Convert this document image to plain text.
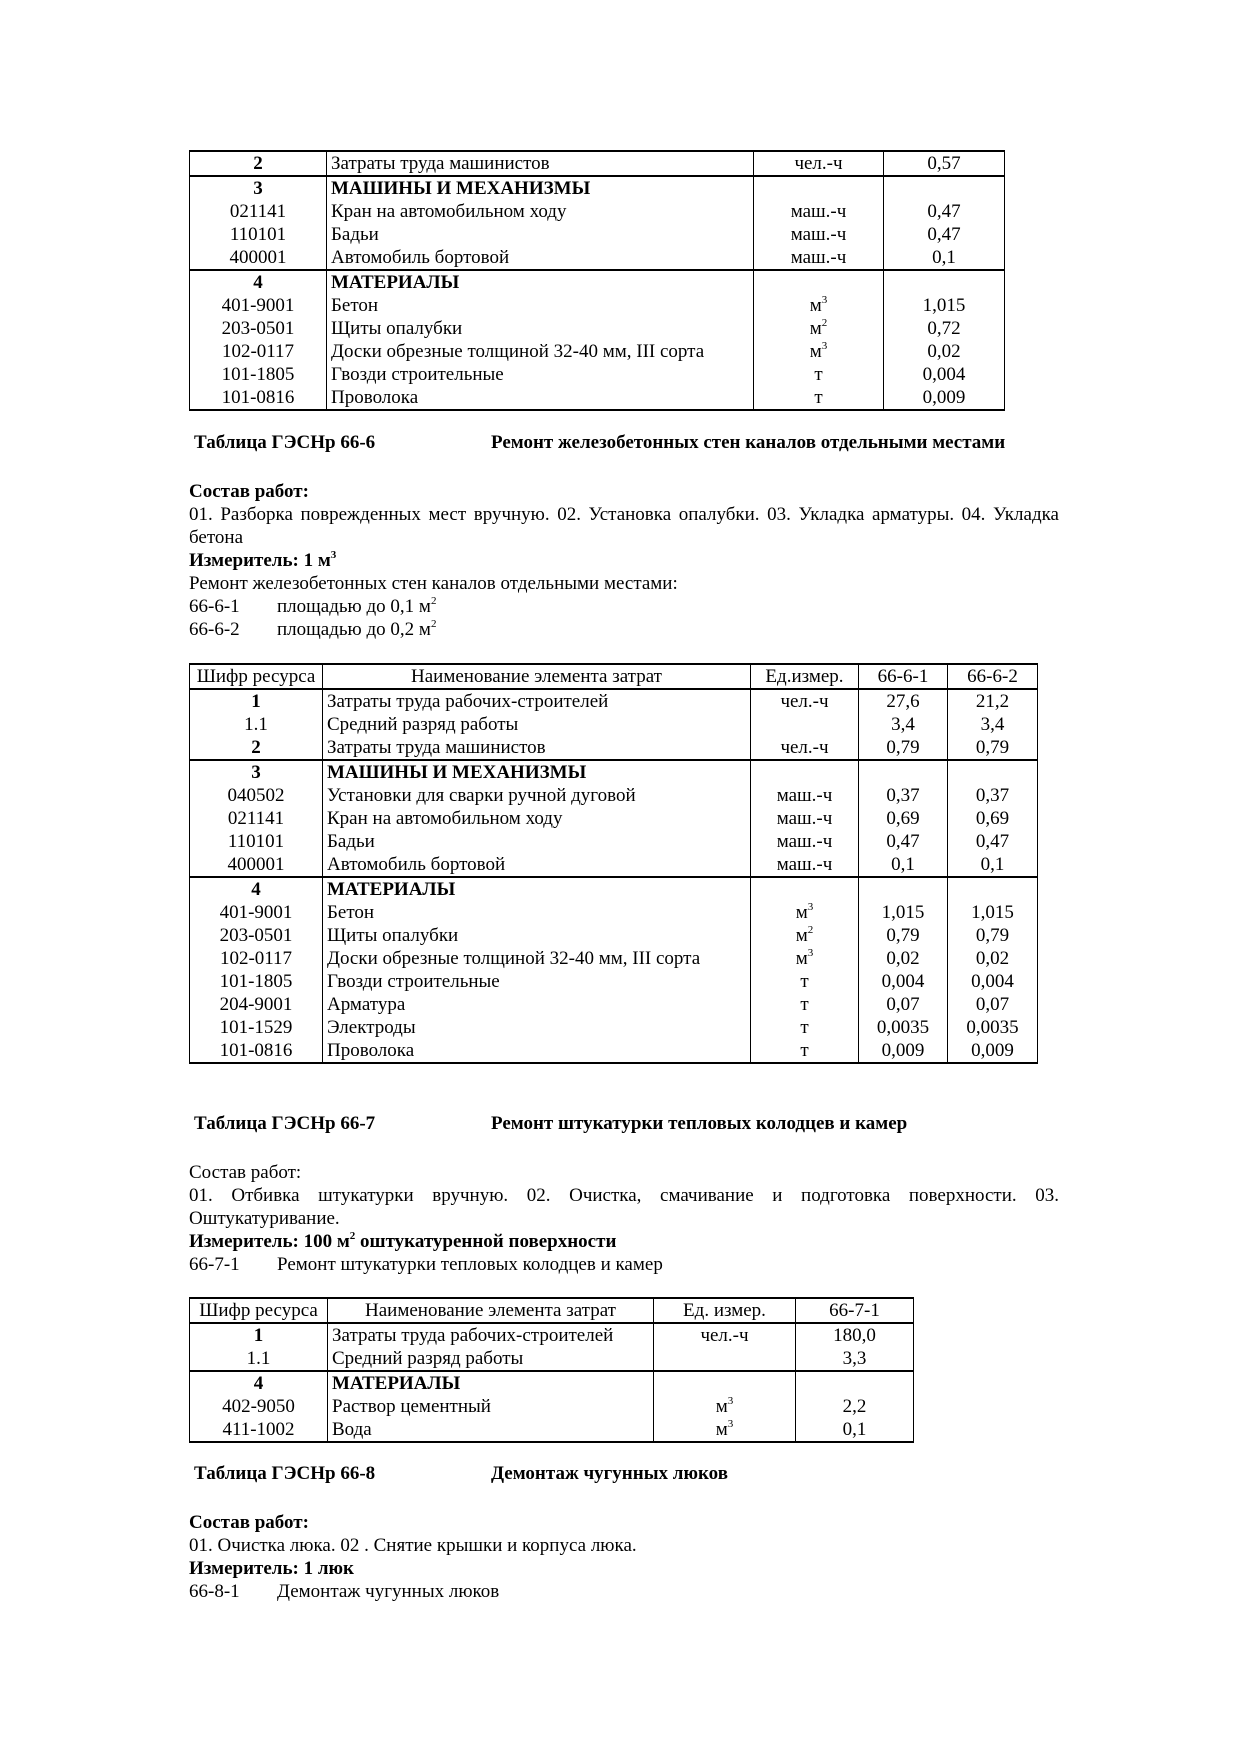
2	Затраты труда машинистов	чел.-ч	0,57
3	МАШИНЫ И МЕХАНИЗМЫ		
021141	Кран на автомобильном ходу	маш.-ч	0,47
110101	Бадьи	маш.-ч	0,47
400001	Автомобиль бортовой	маш.-ч	0,1
4	МАТЕРИАЛЫ		
401-9001	Бетон	$м^3$	1,015
203-0501	Щиты опалубки	$м^2$	0,72
102-0117	Доски обрезные толщиной 32-40 мм, III сорта	$м^3$	0,02
101-1805	Гвозди строительные	т	0,004
101-0816	Проволока	т	0,009
Таблица ГЭСНр 66-6	Ремонт железобетонных стен каналов отдельными местами
Состав работ:
01. Разборка поврежденных мест вручную. 02. Установка опалубки. 03. Укладка арматуры. 04. Укладка бетона
Измеритель: 1 $м^3$
Ремонт железобетонных стен каналов отдельными местами:
66-6-1 площадью до 0,1 $м^2$
66-6-2 площадью до 0,2 $м^2$
Шифр ресурса	Наименование элемента затрат	Ед.измер.	66-6-1	66-6-2
1	Затраты труда рабочих-строителей	чел.-ч	27,6	21,2
1.1	Средний разряд работы		3,4	3,4
2	Затраты труда машинистов	чел.-ч	0,79	0,79
3	МАШИНЫ И МЕХАНИЗМЫ			
040502	Установки для сварки ручной дуговой	маш.-ч	0,37	0,37
021141	Кран на автомобильном ходу	маш.-ч	0,69	0,69
110101	Бадьи	маш.-ч	0,47	0,47
400001	Автомобиль бортовой	маш.-ч	0,1	0,1
4	МАТЕРИАЛЫ			
401-9001	Бетон	$м^3$	1,015	1,015
203-0501	Щиты опалубки	$м^2$	0,79	0,79
102-0117	Доски обрезные толщиной 32-40 мм, III сорта	$м^3$	0,02	0,02
101-1805	Гвозди строительные	т	0,004	0,004
204-9001	Арматура	т	0,07	0,07
101-1529	Электроды	т	0,0035	0,0035
101-0816	Проволока	т	0,009	0,009
Таблица ГЭСНр 66-7	Ремонт штукатурки тепловых колодцев и камер
Состав работ:
01. Отбивка штукатурки вручную. 02. Очистка, смачивание и подготовка поверхности. 03. Оштукатуривание.
Измеритель: 100 $м^2$ оштукатуренной поверхности
66-7-1 Ремонт штукатурки тепловых колодцев и камер
Шифр ресурса	Наименование элемента затрат	Ед. измер.	66-7-1
1	Затраты труда рабочих-строителей	чел.-ч	180,0
1.1	Средний разряд работы		3,3
4	МАТЕРИАЛЫ		
402-9050	Раствор цементный	$м^3$	2,2
411-1002	Вода	$м^3$	0,1
Таблица ГЭСНр 66-8	Демонтаж чугунных люков
Состав работ:
01. Очистка люка. 02 . Снятие крышки и корпуса люка.
Измеритель: 1 люк
66-8-1 Демонтаж чугунных люков
